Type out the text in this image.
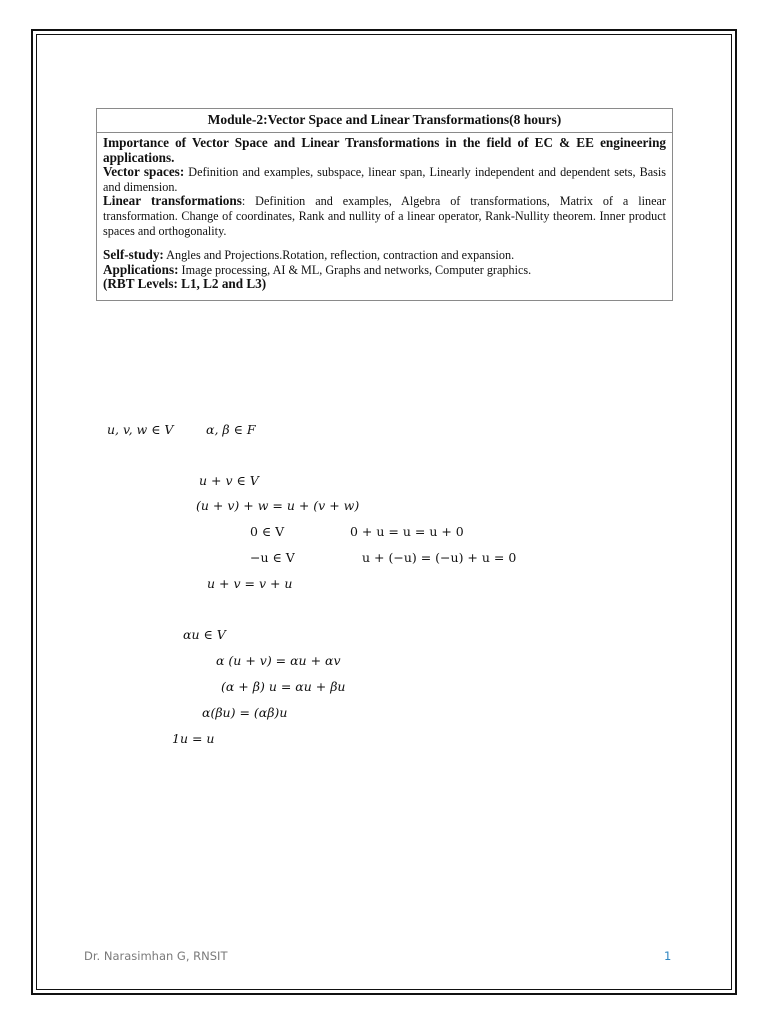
Module-2:Vector Space and Linear Transformations(8 hours)

Importance of Vector Space and Linear Transformations in the field of EC & EE engineering applications.

Vector spaces: Definition and examples, subspace, linear span, Linearly independent and dependent sets, Basis and dimension.

Linear transformations: Definition and examples, Algebra of transformations, Matrix of a linear transformation. Change of coordinates, Rank and nullity of a linear operator, Rank-Nullity theorem. Inner product spaces and orthogonality.

Self-study: Angles and Projections.Rotation, reflection, contraction and expansion.

Applications: Image processing, AI & ML, Graphs and networks, Computer graphics.

(RBT Levels: L1, L2 and L3)

u, v, w ∈ V	α, β ∈ F
u + v ∈ V
(u + v) + w = u + (v + w)
0 ∈ V	0 + u = u = u + 0
−u ∈ V	u + (−u) = (−u) + u = 0
u + v = v + u
αu ∈ V
α (u + v) = αu + αv
(α + β) u = αu + βu
α(βu) = (αβ)u
1u = u
Dr. Narasimhan G, RNSIT	1
